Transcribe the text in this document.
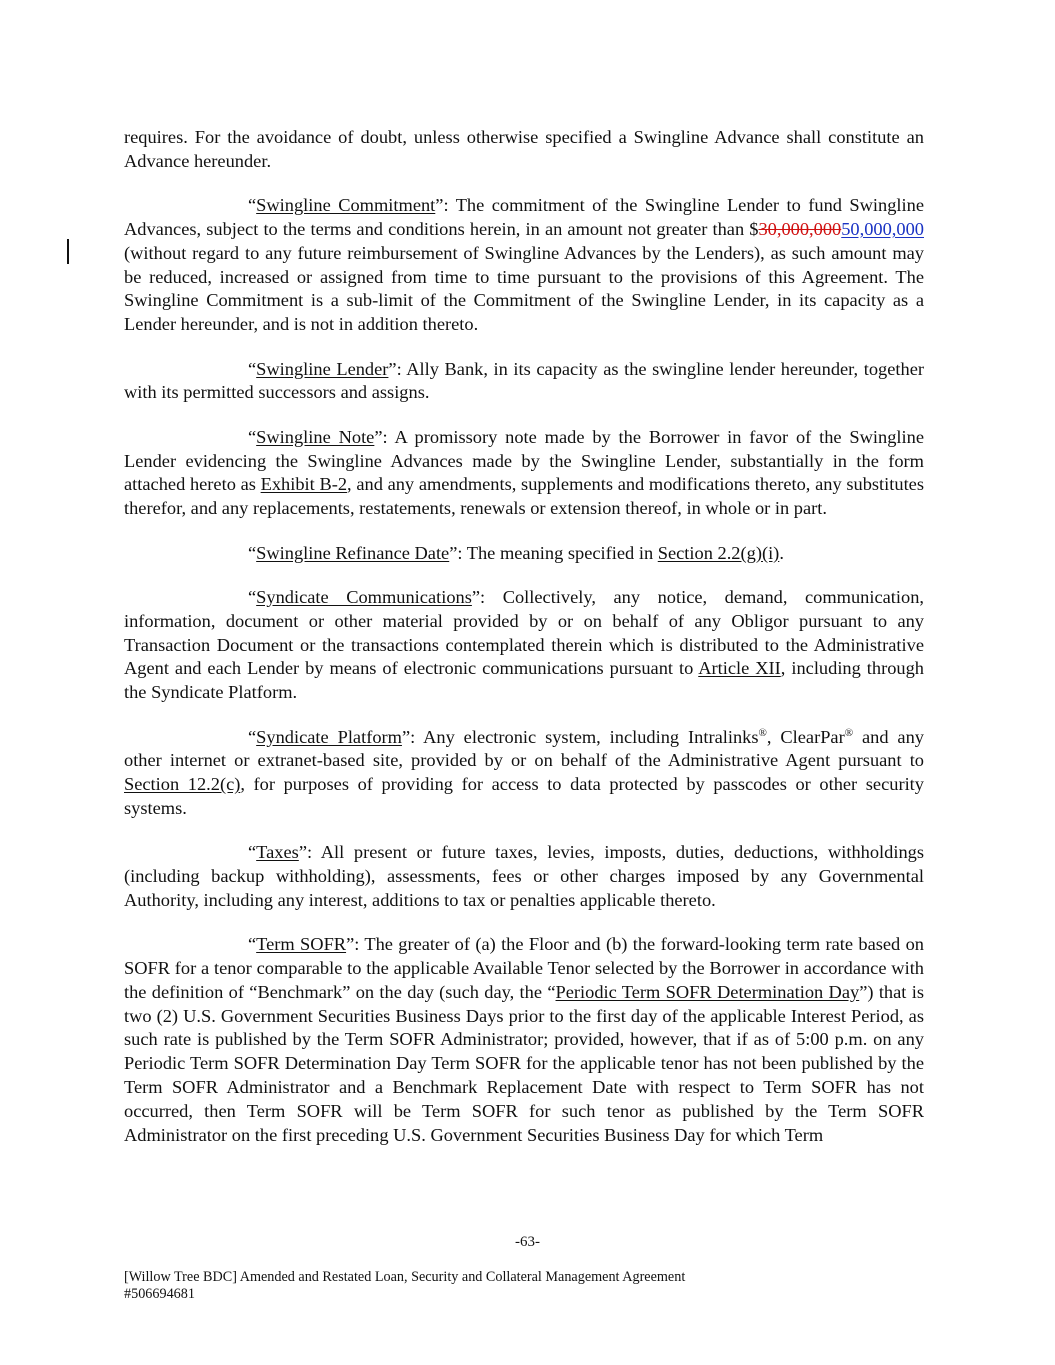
requires. For the avoidance of doubt, unless otherwise specified a Swingline Advance shall constitute an Advance hereunder.

“Swingline Commitment”: The commitment of the Swingline Lender to fund Swingline Advances, subject to the terms and conditions herein, in an amount not greater than $30,000,00050,000,000 (without regard to any future reimbursement of Swingline Advances by the Lenders), as such amount may be reduced, increased or assigned from time to time pursuant to the provisions of this Agreement. The Swingline Commitment is a sub-limit of the Commitment of the Swingline Lender, in its capacity as a Lender hereunder, and is not in addition thereto.

“Swingline Lender”: Ally Bank, in its capacity as the swingline lender hereunder, together with its permitted successors and assigns.

“Swingline Note”: A promissory note made by the Borrower in favor of the Swingline Lender evidencing the Swingline Advances made by the Swingline Lender, substantially in the form attached hereto as Exhibit B-2, and any amendments, supplements and modifications thereto, any substitutes therefor, and any replacements, restatements, renewals or extension thereof, in whole or in part.

“Swingline Refinance Date”: The meaning specified in Section 2.2(g)(i).

“Syndicate Communications”: Collectively, any notice, demand, communication, information, document or other material provided by or on behalf of any Obligor pursuant to any Transaction Document or the transactions contemplated therein which is distributed to the Administrative Agent and each Lender by means of electronic communications pursuant to Article XII, including through the Syndicate Platform.

“Syndicate Platform”: Any electronic system, including Intralinks®, ClearPar® and any other internet or extranet-based site, provided by or on behalf of the Administrative Agent pursuant to Section 12.2(c), for purposes of providing for access to data protected by passcodes or other security systems.

“Taxes”: All present or future taxes, levies, imposts, duties, deductions, withholdings (including backup withholding), assessments, fees or other charges imposed by any Governmental Authority, including any interest, additions to tax or penalties applicable thereto.

“Term SOFR”: The greater of (a) the Floor and (b) the forward-looking term rate based on SOFR for a tenor comparable to the applicable Available Tenor selected by the Borrower in accordance with the definition of “Benchmark” on the day (such day, the “Periodic Term SOFR Determination Day”) that is two (2) U.S. Government Securities Business Days prior to the first day of the applicable Interest Period, as such rate is published by the Term SOFR Administrator; provided, however, that if as of 5:00 p.m. on any Periodic Term SOFR Determination Day Term SOFR for the applicable tenor has not been published by the Term SOFR Administrator and a Benchmark Replacement Date with respect to Term SOFR has not occurred, then Term SOFR will be Term SOFR for such tenor as published by the Term SOFR Administrator on the first preceding U.S. Government Securities Business Day for which Term

-63-
[Willow Tree BDC] Amended and Restated Loan, Security and Collateral Management Agreement
#506694681
